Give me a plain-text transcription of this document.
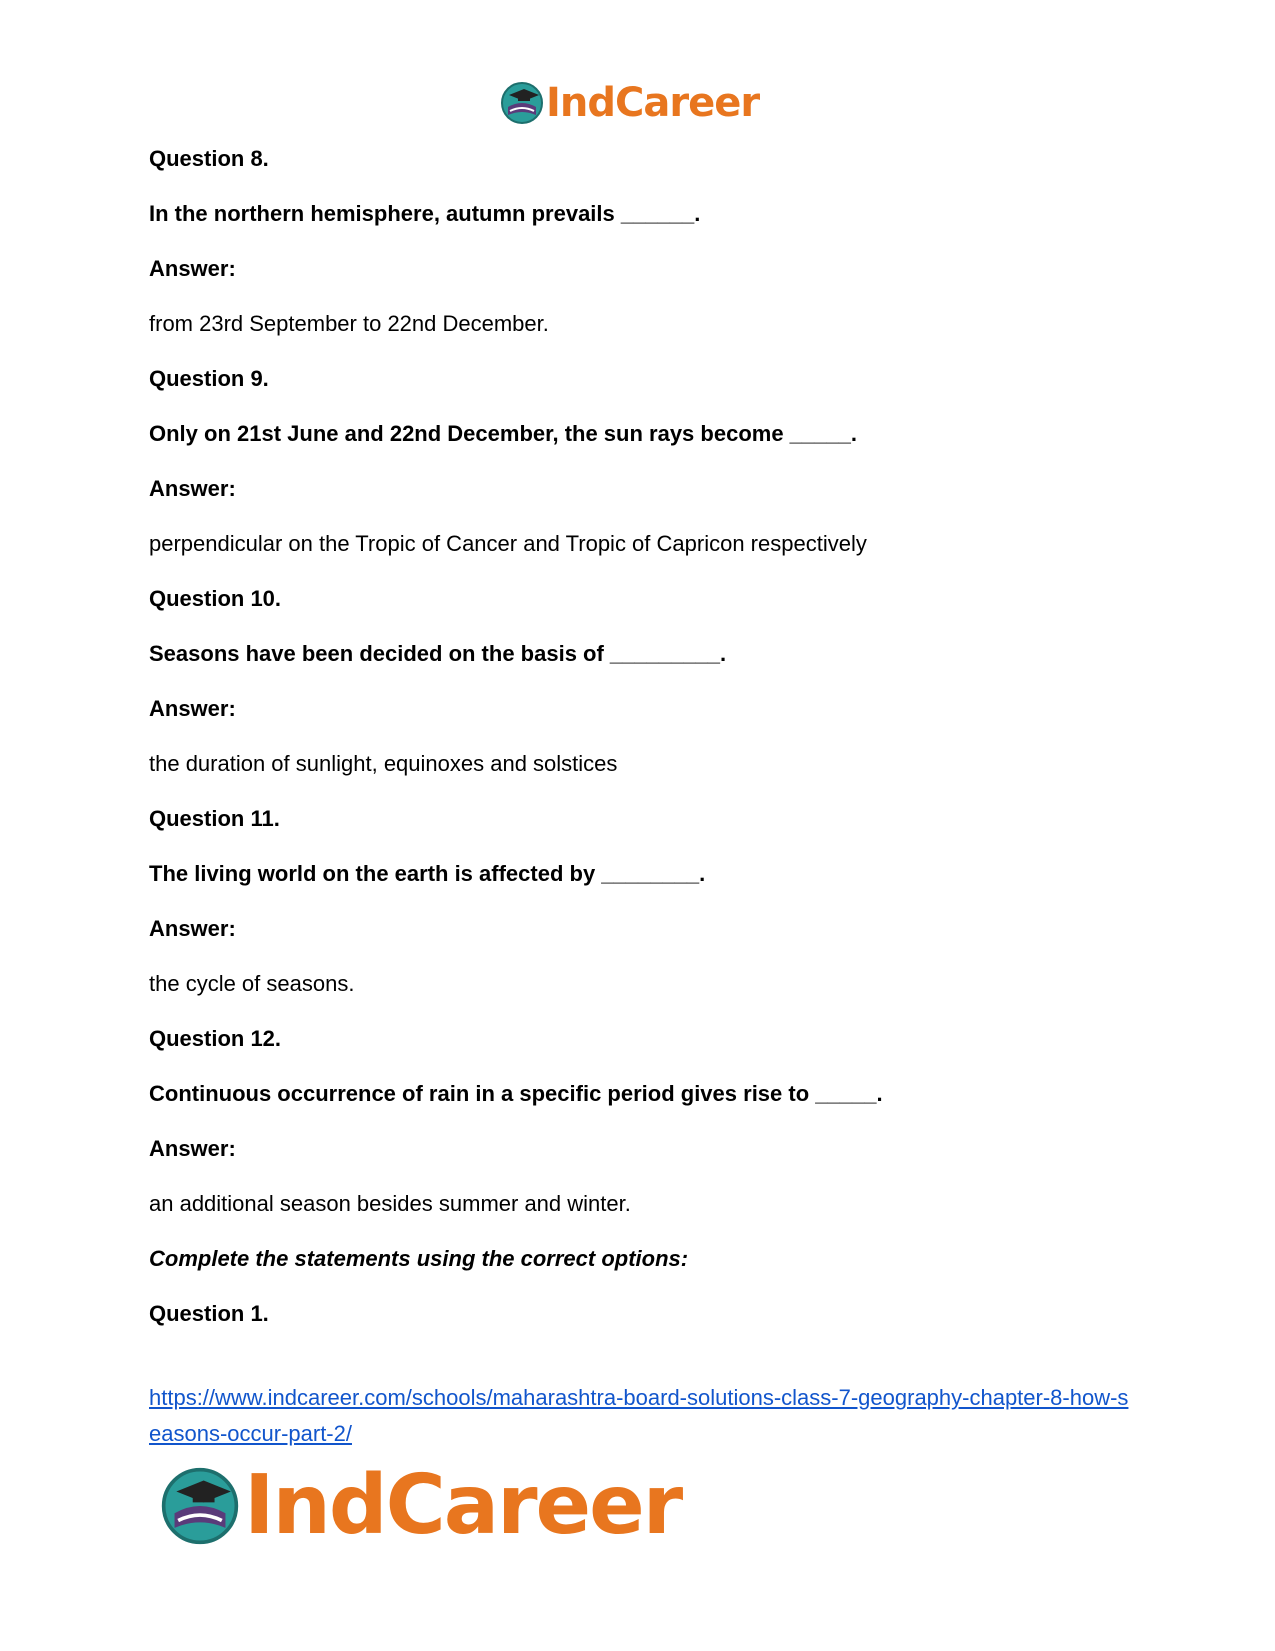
IndCareer
Question 8.
In the northern hemisphere, autumn prevails ______.
Answer:
from 23rd September to 22nd December.
Question 9.
Only on 21st June and 22nd December, the sun rays become _____.
Answer:
perpendicular on the Tropic of Cancer and Tropic of Capricon respectively
Question 10.
Seasons have been decided on the basis of _________.
Answer:
the duration of sunlight, equinoxes and solstices
Question 11.
The living world on the earth is affected by ________.
Answer:
the cycle of seasons.
Question 12.
Continuous occurrence of rain in a specific period gives rise to _____.
Answer:
an additional season besides summer and winter.
Complete the statements using the correct options:
Question 1.
https://www.indcareer.com/schools/maharashtra-board-solutions-class-7-geography-chapter-8-how-seasons-occur-part-2/
IndCareer
